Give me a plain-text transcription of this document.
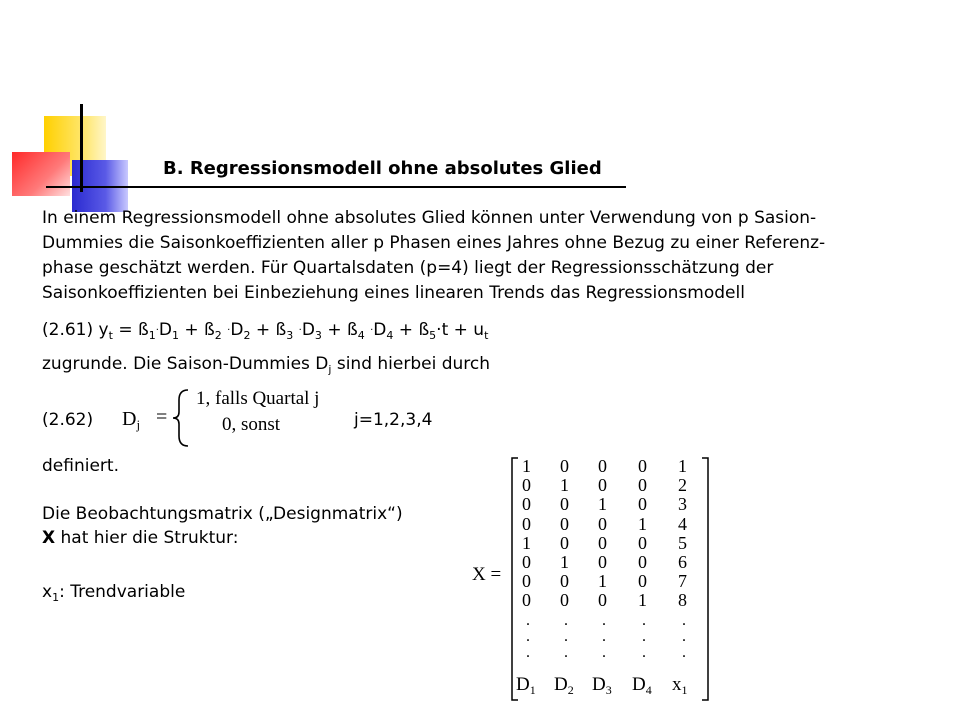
B. Regressionsmodell ohne absolutes Glied
In einem Regressionsmodell ohne absolutes Glied können unter Verwendung von p Sasion-
Dummies die Saisonkoeffizienten aller p Phasen eines Jahres ohne Bezug zu einer Referenz-
phase geschätzt werden. Für Quartalsdaten (p=4) liegt der Regressionsschätzung der
Saisonkoeffizienten bei Einbeziehung eines linearen Trends das Regressionsmodell
(2.61) $y_t$ = $ß_1\cdot D_1$ + $ß_2 \cdot D_2$ + $ß_3 \cdot D_3$ + $ß_4 \cdot D_4$ + $ß_5\cdot t + u_t$
zugrunde. Die Saison-Dummies $D_j$ sind hierbei durch
(2.62) $D_j$ =
1, falls Quartal j
0, sonst	j=1,2,3,4
definiert.
Die Beobachtungsmatrix („Designmatrix“)
X hat hier die Struktur:
$x_1$: Trendvariable
X =
1 0 0 0 1
0 1 0 0 2
0 0 1 0 3
0 0 0 1 4
1 0 0 0 5
0 1 0 0 6
0 0 1 0 7
0 0 0 1 8
. . . . .
. . . . .
. . . . .
$D_1$ $D_2$ $D_3$ $D_4$ $x_1$
